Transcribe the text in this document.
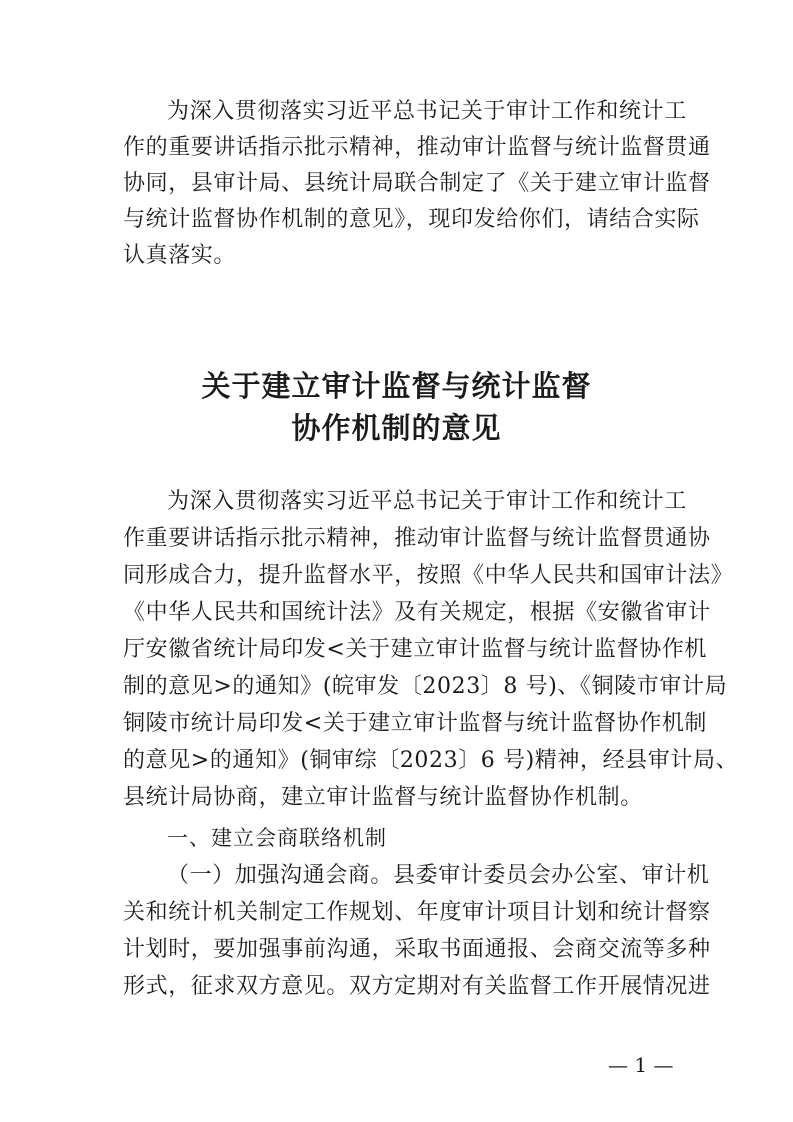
为深入贯彻落实习近平总书记关于审计工作和统计工
作的重要讲话指示批示精神，推动审计监督与统计监督贯通
协同，县审计局、县统计局联合制定了《关于建立审计监督
与统计监督协作机制的意见》，现印发给你们，请结合实际
认真落实。
关于建立审计监督与统计监督
协作机制的意见
为深入贯彻落实习近平总书记关于审计工作和统计工
作重要讲话指示批示精神，推动审计监督与统计监督贯通协
同形成合力，提升监督水平，按照《中华人民共和国审计法》
《中华人民共和国统计法》及有关规定，根据《安徽省审计
厅安徽省统计局印发<关于建立审计监督与统计监督协作机
制的意见>的通知》(皖审发〔2023〕8 号)、《铜陵市审计局
铜陵市统计局印发<关于建立审计监督与统计监督协作机制
的意见>的通知》(铜审综〔2023〕6 号)精神，经县审计局、
县统计局协商，建立审计监督与统计监督协作机制。
一、建立会商联络机制
（一）加强沟通会商。县委审计委员会办公室、审计机
关和统计机关制定工作规划、年度审计项目计划和统计督察
计划时，要加强事前沟通，采取书面通报、会商交流等多种
形式，征求双方意见。双方定期对有关监督工作开展情况进
— 1 —
